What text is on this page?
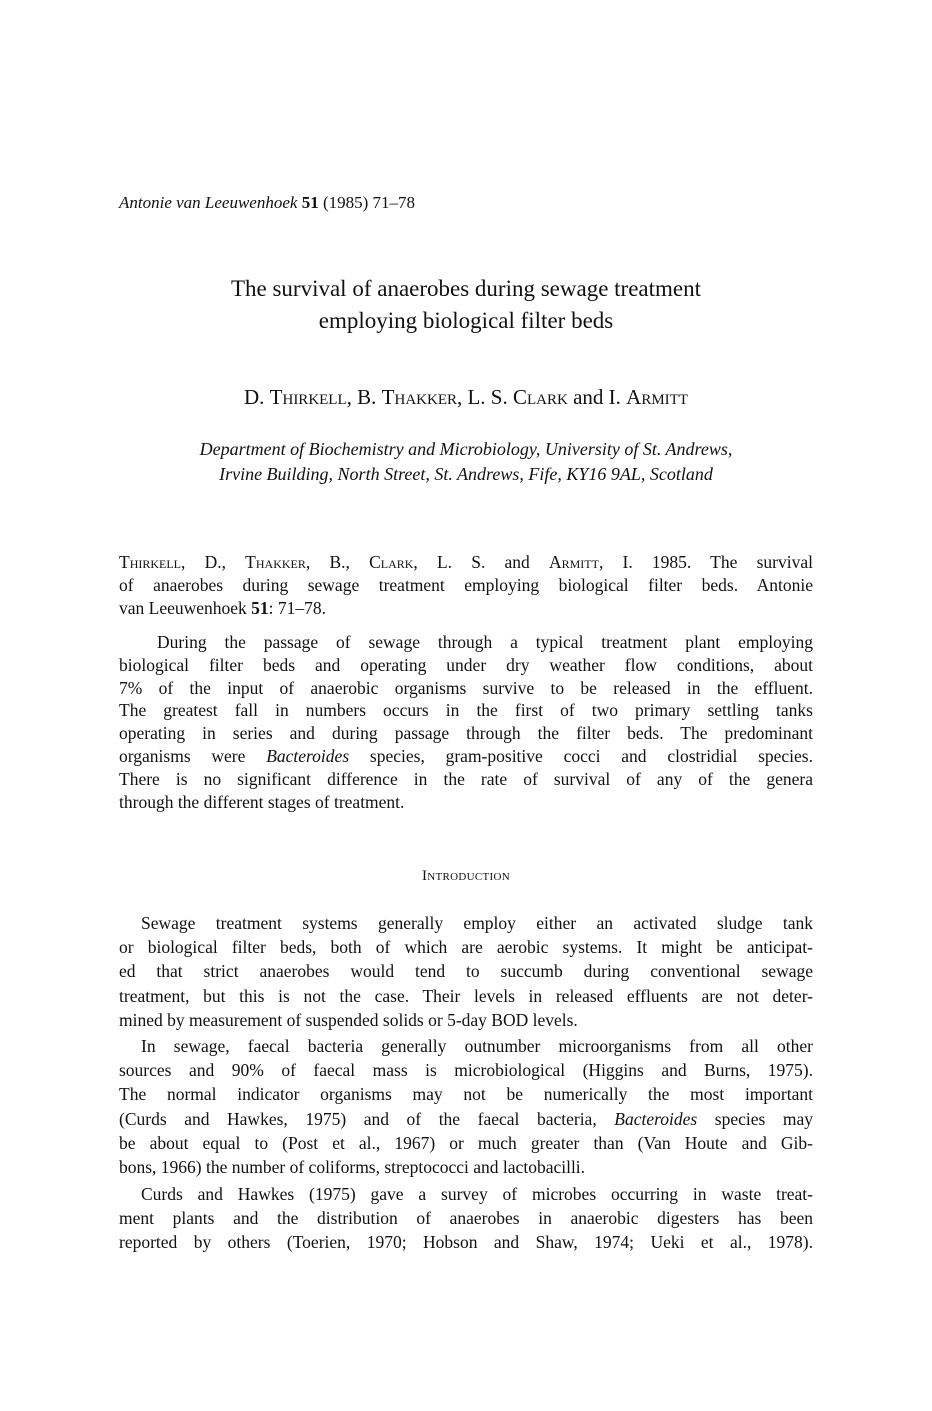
Antonie van Leeuwenhoek 51 (1985) 71–78
The survival of anaerobes during sewage treatment
employing biological filter beds
D. Thirkell, B. Thakker, L. S. Clark and I. Armitt
Department of Biochemistry and Microbiology, University of St. Andrews,
Irvine Building, North Street, St. Andrews, Fife, KY16 9AL, Scotland
Thirkell, D., Thakker, B., Clark, L. S. and Armitt, I. 1985. The survival
of anaerobes during sewage treatment employing biological filter beds. Antonie
van Leeuwenhoek 51: 71–78.
During the passage of sewage through a typical treatment plant employing
biological filter beds and operating under dry weather flow conditions, about
7% of the input of anaerobic organisms survive to be released in the effluent.
The greatest fall in numbers occurs in the first of two primary settling tanks
operating in series and during passage through the filter beds. The predominant
organisms were Bacteroides species, gram-positive cocci and clostridial species.
There is no significant difference in the rate of survival of any of the genera
through the different stages of treatment.
Introduction
Sewage treatment systems generally employ either an activated sludge tank
or biological filter beds, both of which are aerobic systems. It might be anticipat-
ed that strict anaerobes would tend to succumb during conventional sewage
treatment, but this is not the case. Their levels in released effluents are not deter-
mined by measurement of suspended solids or 5-day BOD levels.
In sewage, faecal bacteria generally outnumber microorganisms from all other
sources and 90% of faecal mass is microbiological (Higgins and Burns, 1975).
The normal indicator organisms may not be numerically the most important
(Curds and Hawkes, 1975) and of the faecal bacteria, Bacteroides species may
be about equal to (Post et al., 1967) or much greater than (Van Houte and Gib-
bons, 1966) the number of coliforms, streptococci and lactobacilli.
Curds and Hawkes (1975) gave a survey of microbes occurring in waste treat-
ment plants and the distribution of anaerobes in anaerobic digesters has been
reported by others (Toerien, 1970; Hobson and Shaw, 1974; Ueki et al., 1978).
